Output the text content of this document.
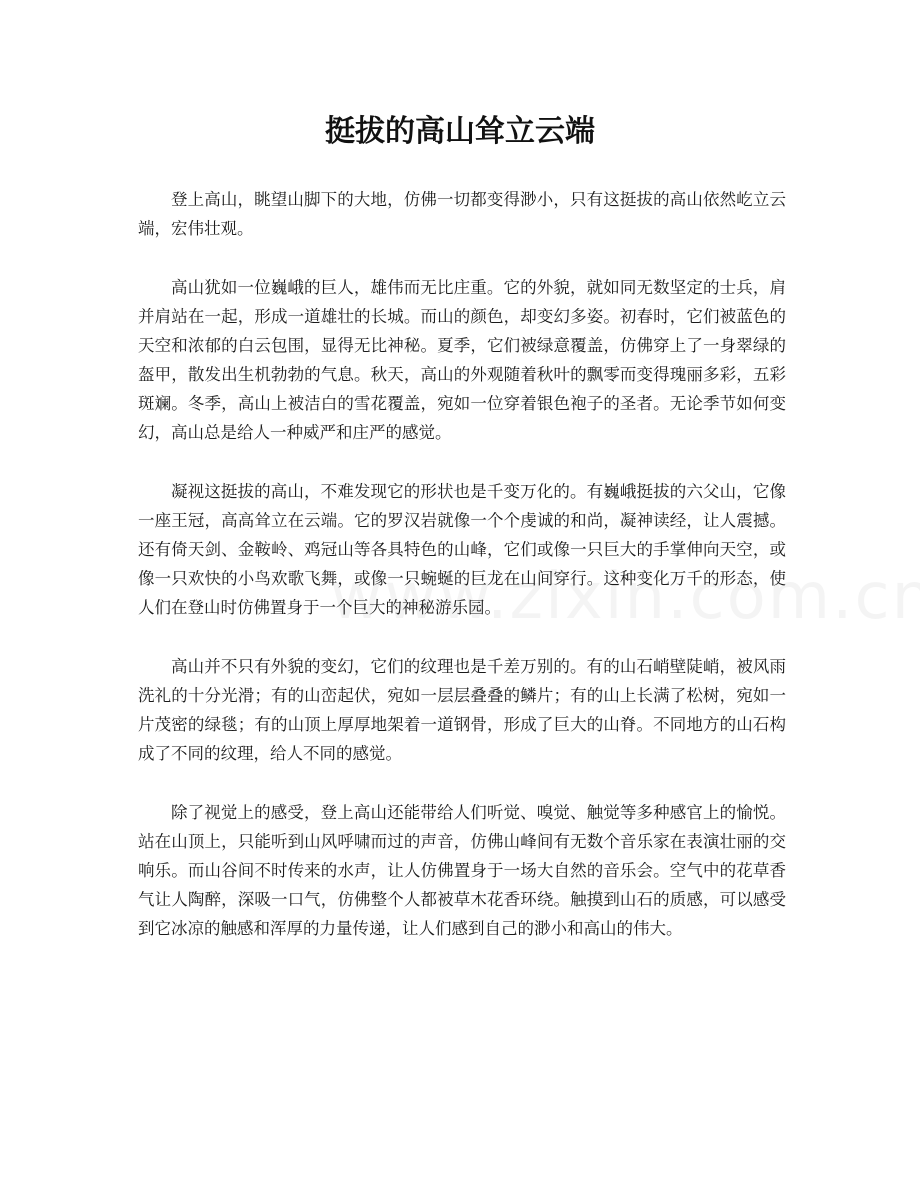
挺拔的高山耸立云端

登上高山，眺望山脚下的大地，仿佛一切都变得渺小，只有这挺拔的高山依然屹立云端，宏伟壮观。

高山犹如一位巍峨的巨人，雄伟而无比庄重。它的外貌，就如同无数坚定的士兵，肩并肩站在一起，形成一道雄壮的长城。而山的颜色，却变幻多姿。初春时，它们被蓝色的天空和浓郁的白云包围，显得无比神秘。夏季，它们被绿意覆盖，仿佛穿上了一身翠绿的盔甲，散发出生机勃勃的气息。秋天，高山的外观随着秋叶的飘零而变得瑰丽多彩，五彩斑斓。冬季，高山上被洁白的雪花覆盖，宛如一位穿着银色袍子的圣者。无论季节如何变幻，高山总是给人一种威严和庄严的感觉。

凝视这挺拔的高山，不难发现它的形状也是千变万化的。有巍峨挺拔的六父山，它像一座王冠，高高耸立在云端。它的罗汉岩就像一个个虔诚的和尚，凝神读经，让人震撼。还有倚天剑、金鞍岭、鸡冠山等各具特色的山峰，它们或像一只巨大的手掌伸向天空，或像一只欢快的小鸟欢歌飞舞，或像一只蜿蜒的巨龙在山间穿行。这种变化万千的形态，使人们在登山时仿佛置身于一个巨大的神秘游乐园。

高山并不只有外貌的变幻，它们的纹理也是千差万别的。有的山石峭壁陡峭，被风雨洗礼的十分光滑；有的山峦起伏，宛如一层层叠叠的鳞片；有的山上长满了松树，宛如一片茂密的绿毯；有的山顶上厚厚地架着一道钢骨，形成了巨大的山脊。不同地方的山石构成了不同的纹理，给人不同的感觉。

除了视觉上的感受，登上高山还能带给人们听觉、嗅觉、触觉等多种感官上的愉悦。站在山顶上，只能听到山风呼啸而过的声音，仿佛山峰间有无数个音乐家在表演壮丽的交响乐。而山谷间不时传来的水声，让人仿佛置身于一场大自然的音乐会。空气中的花草香气让人陶醉，深吸一口气，仿佛整个人都被草木花香环绕。触摸到山石的质感，可以感受到它冰凉的触感和浑厚的力量传递，让人们感到自己的渺小和高山的伟大。
